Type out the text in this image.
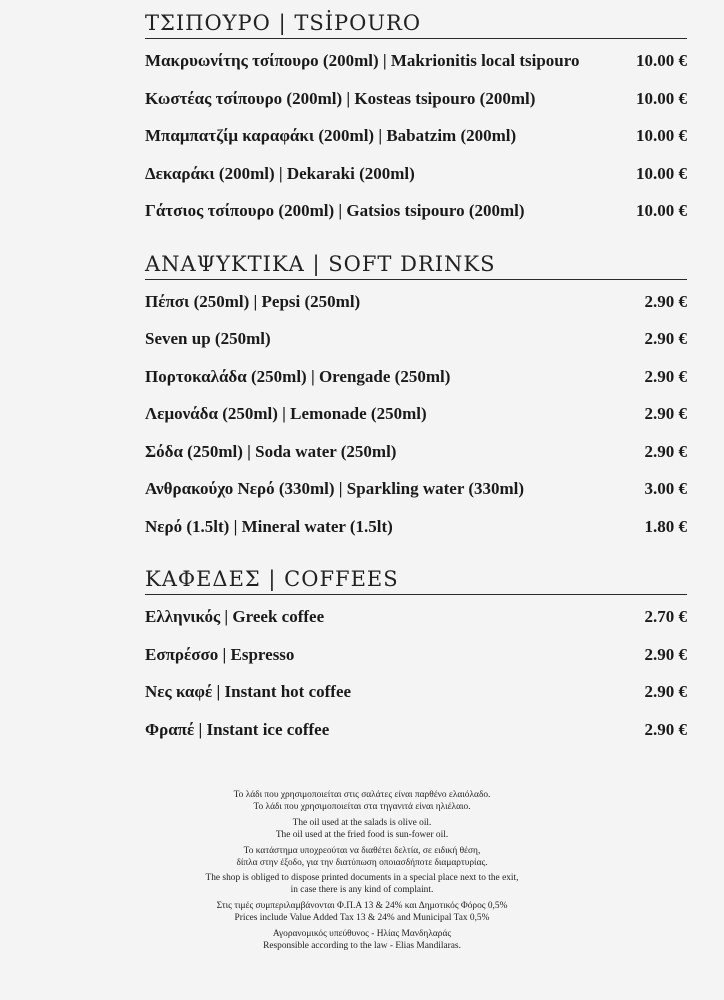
ΤΣΙΠΟΥΡΟ | ΤSİΡOURO
Μακρυωνίτης τσίπουρο (200ml) | Makrionitis local tsipouro	10.00 €
Κωστέας τσίπουρο (200ml) | Kosteas tsipouro (200ml)	10.00 €
Μπαμπατζίμ καραφάκι (200ml) | Babatzim (200ml)	10.00 €
Δεκαράκι (200ml) | Dekaraki (200ml)	10.00 €
Γάτσιος τσίπουρο (200ml) | Gatsios tsipouro (200ml)	10.00 €
ΑΝΑΨΥΚΤΙΚΑ | SOFT DRINKS
Πέπσι (250ml) | Pepsi (250ml)	2.90 €
Seven up (250ml)	2.90 €
Πορτοκαλάδα (250ml) | Orengade (250ml)	2.90 €
Λεμονάδα (250ml) | Lemonade (250ml)	2.90 €
Σόδα (250ml) | Soda water (250ml)	2.90 €
Ανθρακούχο Νερό (330ml) | Sparkling water (330ml)	3.00 €
Νερό (1.5lt) | Mineral water (1.5lt)	1.80 €
ΚΑΦΕΔΕΣ | COFFEES
Ελληνικός | Greek coffee	2.70 €
Εσπρέσσο | Espresso	2.90 €
Νες καφέ | Instant hot coffee	2.90 €
Φραπέ | Instant ice coffee	2.90 €
Το λάδι που χρησιμοποιείται στις σαλάτες είναι παρθένο ελαιόλαδο.
Το λάδι που χρησιμοποιείται στα τηγανιτά είναι ηλιέλαιο.
The oil used at the salads is olive oil.
The oil used at the fried food is sun-fower oil.
Το κατάστημα υποχρεούται να διαθέτει δελτία, σε ειδική θέση,
δίπλα στην έξοδο, για την διατύπωση οποιασδήποτε διαμαρτυρίας.
The shop is obliged to dispose printed documents in a special place next to the exit,
in case there is any kind of complaint.
Στις τιμές συμπεριλαμβάνονται Φ.Π.Α 13 & 24% και Δημοτικός Φόρος 0,5%
Prices include Value Added Tax 13 & 24% and Municipal Tax 0,5%
Αγορανομικός υπεύθυνος - Ηλίας Μανδηλαράς
Responsible according to the law - Elias Mandilaras.
